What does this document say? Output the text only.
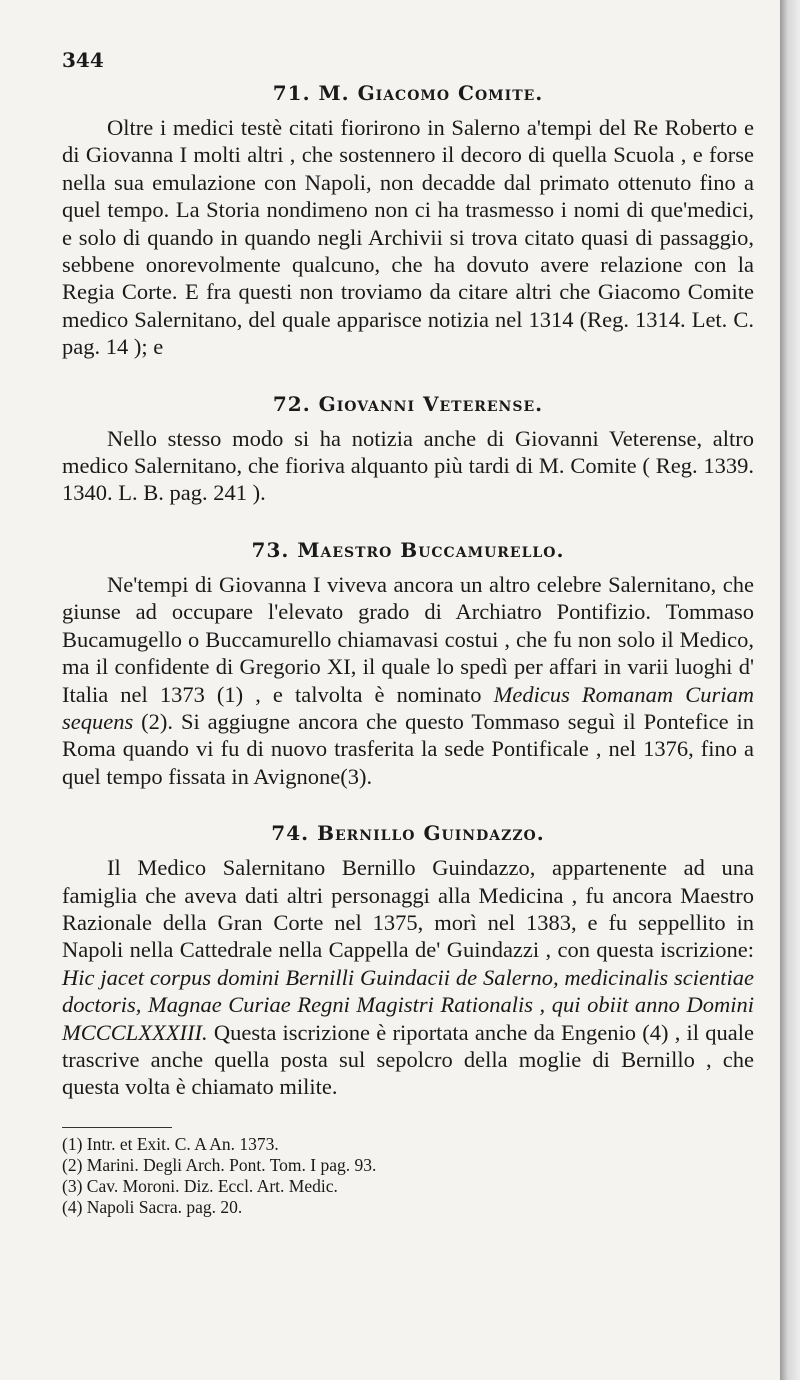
344
71. M. Giacomo Comite.

Oltre i medici testè citati fiorirono in Salerno a'tempi del Re Roberto e di Giovanna I molti altri , che sostennero il decoro di quella Scuola , e forse nella sua emulazione con Napoli, non decadde dal primato ottenuto fino a quel tempo. La Storia nondimeno non ci ha trasmesso i nomi di que'medici, e solo di quando in quando negli Archivii si trova citato quasi di passaggio, sebbene onorevolmente qualcuno, che ha dovuto avere relazione con la Regia Corte. E fra questi non troviamo da citare altri che Giacomo Comite medico Salernitano, del quale apparisce notizia nel 1314 (Reg. 1314. Let. C. pag. 14 ); e

72. Giovanni Veterense.

Nello stesso modo si ha notizia anche di Giovanni Veterense, altro medico Salernitano, che fioriva alquanto più tardi di M. Comite ( Reg. 1339. 1340. L. B. pag. 241 ).

73. Maestro Buccamurello.

Ne'tempi di Giovanna I viveva ancora un altro celebre Salernitano, che giunse ad occupare l'elevato grado di Archiatro Pontifizio. Tommaso Bucamugello o Buccamurello chiamavasi costui , che fu non solo il Medico, ma il confidente di Gregorio XI, il quale lo spedì per affari in varii luoghi d' Italia nel 1373 (1) , e talvolta è nominato Medicus Romanam Curiam sequens (2). Si aggiugne ancora che questo Tommaso seguì il Pontefice in Roma quando vi fu di nuovo trasferita la sede Pontificale , nel 1376, fino a quel tempo fissata in Avignone(3).

74. Bernillo Guindazzo.

Il Medico Salernitano Bernillo Guindazzo, appartenente ad una famiglia che aveva dati altri personaggi alla Medicina , fu ancora Maestro Razionale della Gran Corte nel 1375, morì nel 1383, e fu seppellito in Napoli nella Cattedrale nella Cappella de' Guindazzi , con questa iscrizione: Hic jacet corpus domini Bernilli Guindacii de Salerno, medicinalis scientiae doctoris, Magnae Curiae Regni Magistri Rationalis , qui obiit anno Domini MCCCLXXXIII. Questa iscrizione è riportata anche da Engenio (4) , il quale trascrive anche quella posta sul sepolcro della moglie di Bernillo , che questa volta è chiamato milite.

(1) Intr. et Exit. C. A An. 1373.
(2) Marini. Degli Arch. Pont. Tom. I pag. 93.
(3) Cav. Moroni. Diz. Eccl. Art. Medic.
(4) Napoli Sacra. pag. 20.
